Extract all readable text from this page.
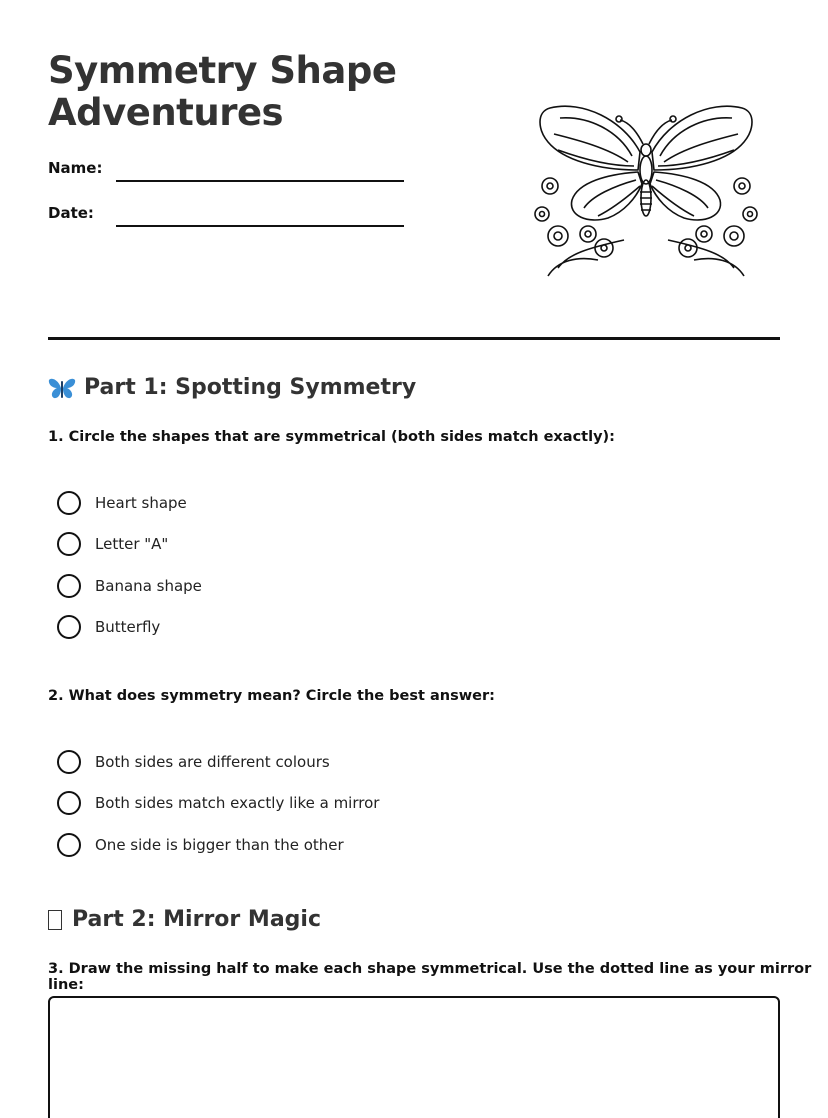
Symmetry Shape
Adventures
Name:
Date:
Part 1: Spotting Symmetry
1. Circle the shapes that are symmetrical (both sides match exactly):
Heart shape
Letter "A"
Banana shape
Butterfly
2. What does symmetry mean? Circle the best answer:
Both sides are different colours
Both sides match exactly like a mirror
One side is bigger than the other
Part 2: Mirror Magic
3. Draw the missing half to make each shape symmetrical. Use the dotted line as your mirror line:
